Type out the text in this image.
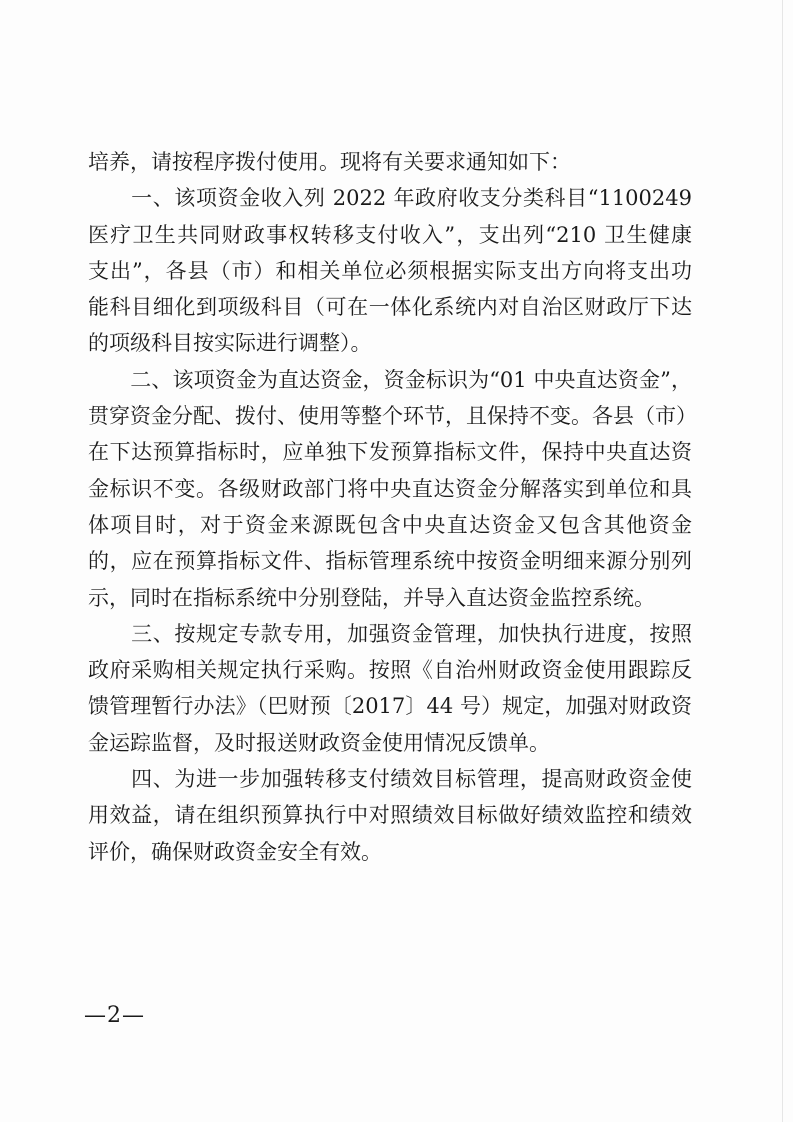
培养，请按程序拨付使用。现将有关要求通知如下：
　　一、该项资金收入列 2022 年政府收支分类科目“1100249
医疗卫生共同财政事权转移支付收入”，支出列“210 卫生健康
支出”，各县（市）和相关单位必须根据实际支出方向将支出功
能科目细化到项级科目（可在一体化系统内对自治区财政厅下达
的项级科目按实际进行调整）。
　　二、该项资金为直达资金，资金标识为“01 中央直达资金”，
贯穿资金分配、拨付、使用等整个环节，且保持不变。各县（市）
在下达预算指标时，应单独下发预算指标文件，保持中央直达资
金标识不变。各级财政部门将中央直达资金分解落实到单位和具
体项目时，对于资金来源既包含中央直达资金又包含其他资金
的，应在预算指标文件、指标管理系统中按资金明细来源分别列
示，同时在指标系统中分别登陆，并导入直达资金监控系统。
　　三、按规定专款专用，加强资金管理，加快执行进度，按照
政府采购相关规定执行采购。按照《自治州财政资金使用跟踪反
馈管理暂行办法》（巴财预〔2017〕44 号）规定，加强对财政资
金运踪监督，及时报送财政资金使用情况反馈单。
　　四、为进一步加强转移支付绩效目标管理，提高财政资金使
用效益，请在组织预算执行中对照绩效目标做好绩效监控和绩效
评价，确保财政资金安全有效。
—2—
